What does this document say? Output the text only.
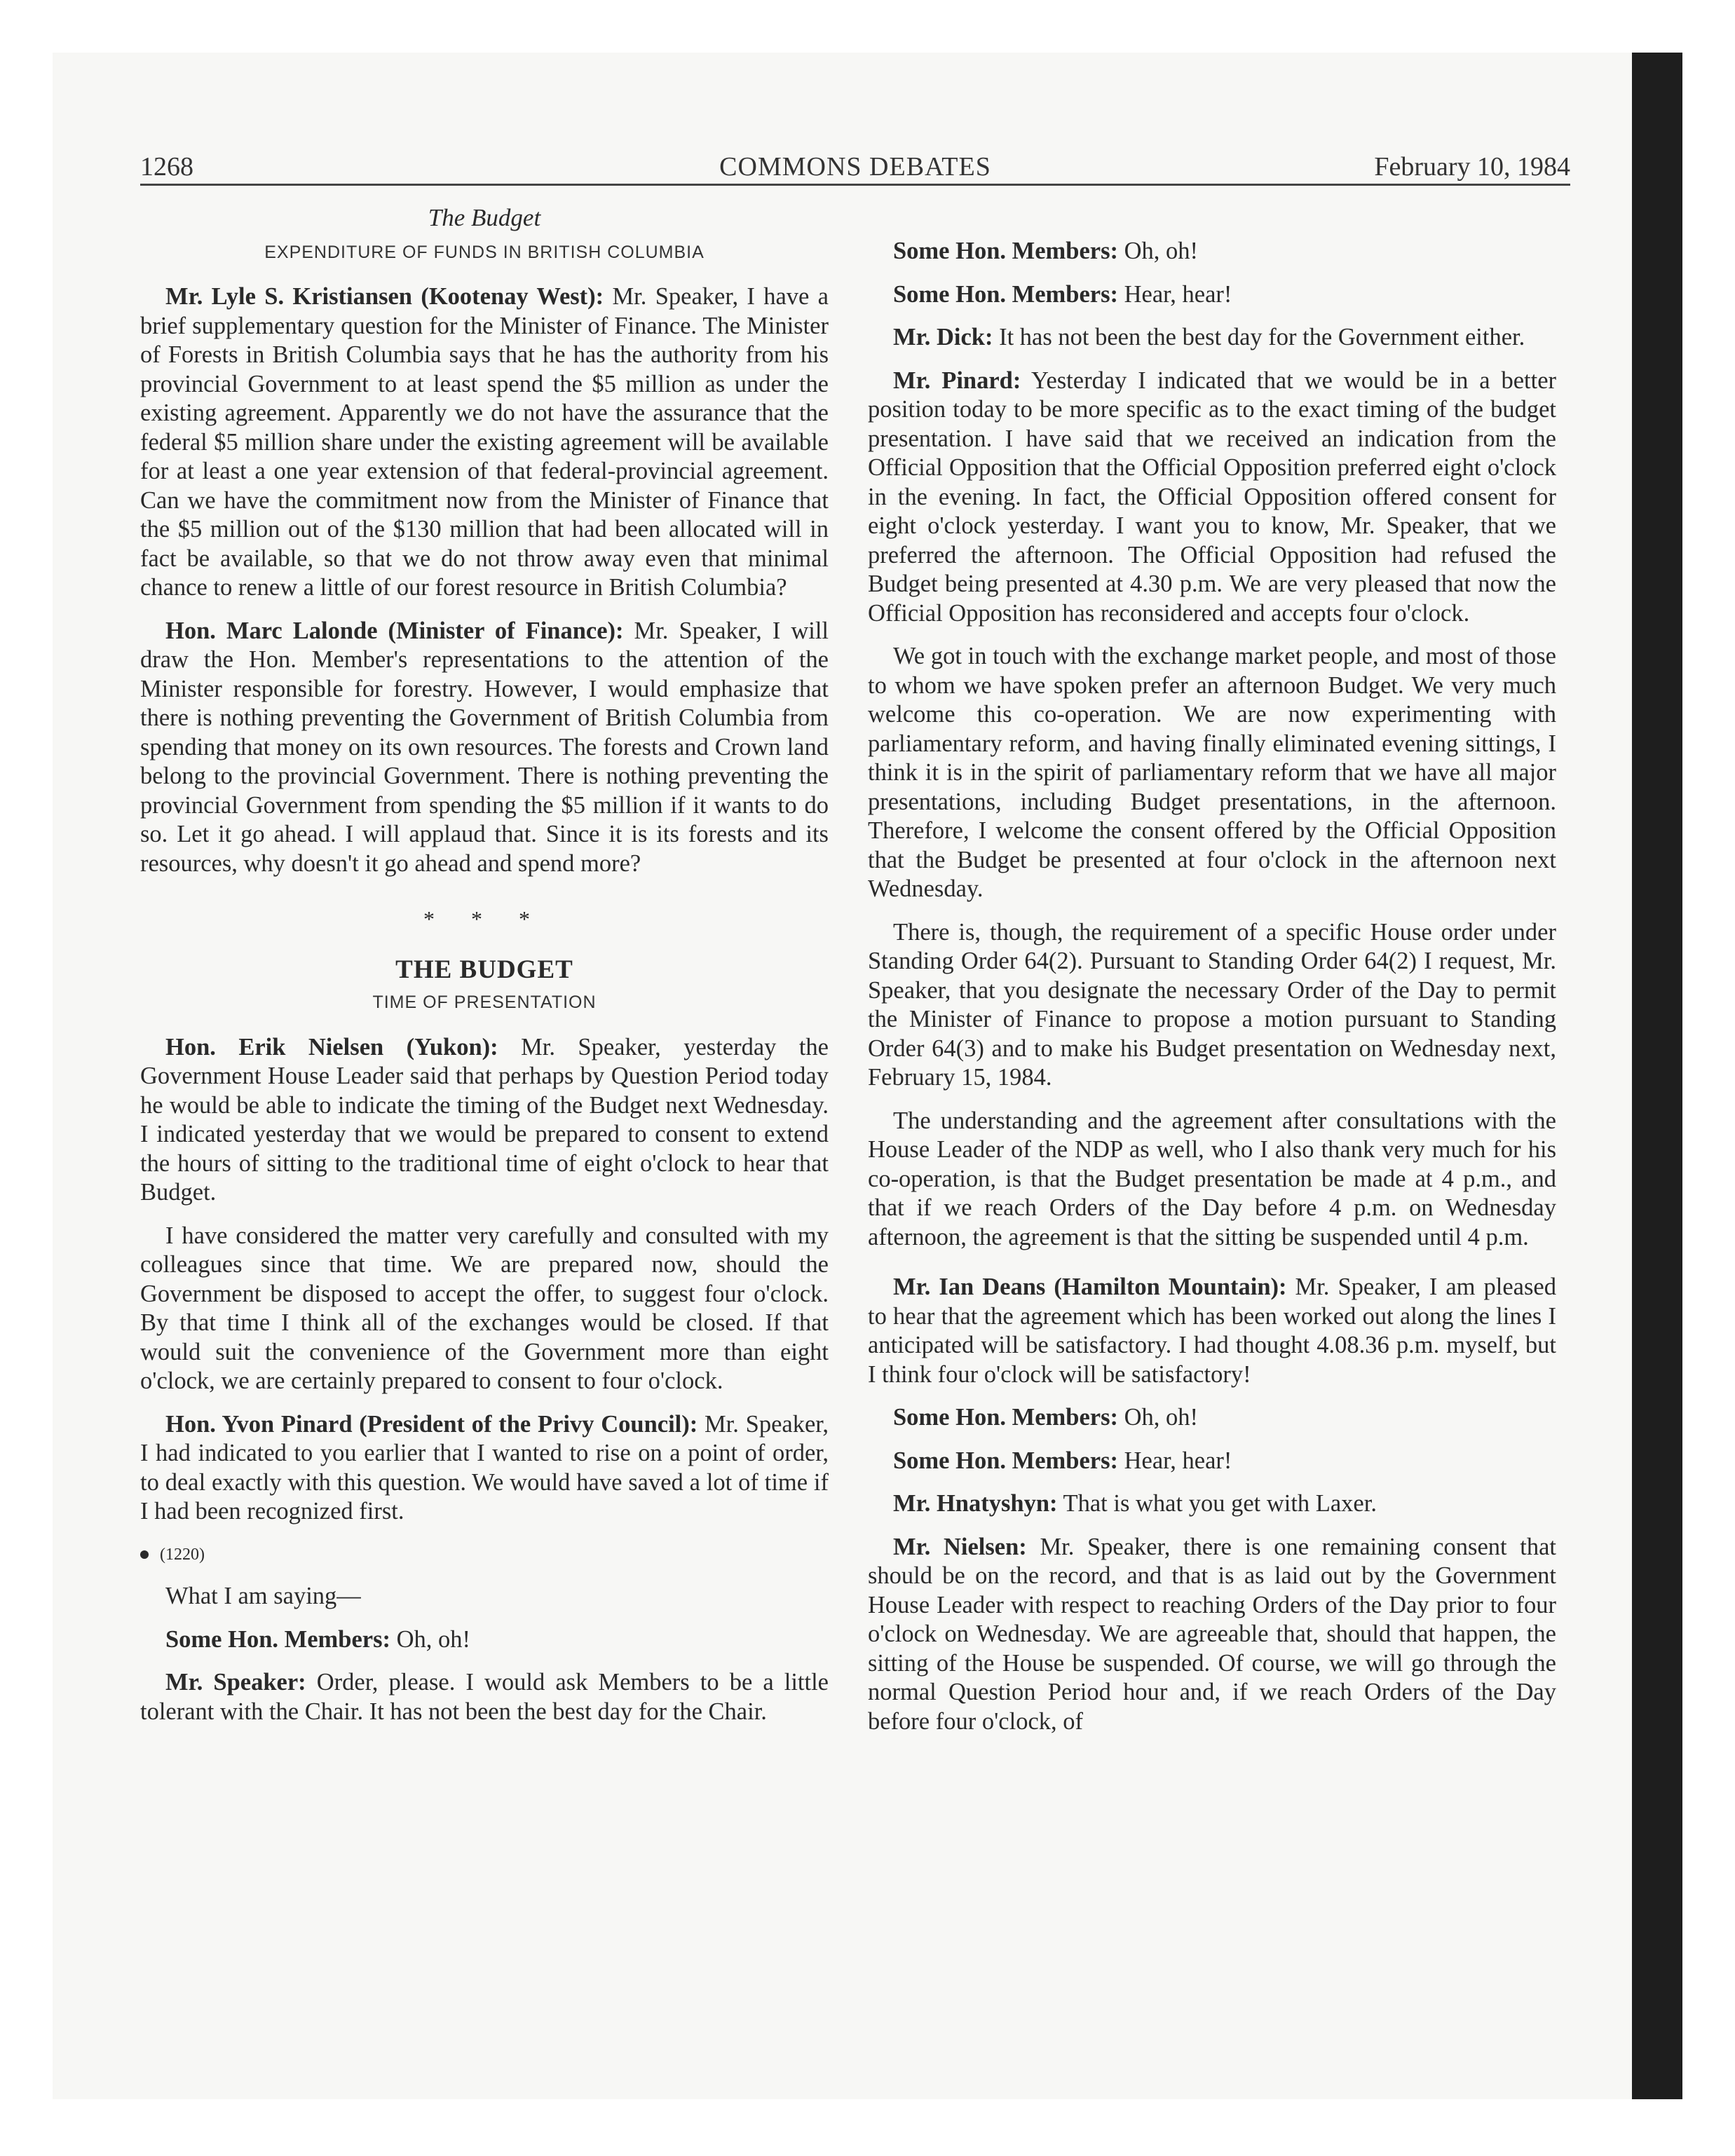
1268	COMMONS DEBATES	February 10, 1984
The Budget
EXPENDITURE OF FUNDS IN BRITISH COLUMBIA

Mr. Lyle S. Kristiansen (Kootenay West): Mr. Speaker, I have a brief supplementary question for the Minister of Finance. The Minister of Forests in British Columbia says that he has the authority from his provincial Government to at least spend the $5 million as under the existing agreement. Apparently we do not have the assurance that the federal $5 million share under the existing agreement will be available for at least a one year extension of that federal-provincial agreement. Can we have the commitment now from the Minister of Finance that the $5 million out of the $130 million that had been allocated will in fact be available, so that we do not throw away even that minimal chance to renew a little of our forest resource in British Columbia?

Hon. Marc Lalonde (Minister of Finance): Mr. Speaker, I will draw the Hon. Member's representations to the attention of the Minister responsible for forestry. However, I would emphasize that there is nothing preventing the Government of British Columbia from spending that money on its own resources. The forests and Crown land belong to the provincial Government. There is nothing preventing the provincial Government from spending the $5 million if it wants to do so. Let it go ahead. I will applaud that. Since it is its forests and its resources, why doesn't it go ahead and spend more?

* * *
THE BUDGET
TIME OF PRESENTATION

Hon. Erik Nielsen (Yukon): Mr. Speaker, yesterday the Government House Leader said that perhaps by Question Period today he would be able to indicate the timing of the Budget next Wednesday. I indicated yesterday that we would be prepared to consent to extend the hours of sitting to the traditional time of eight o'clock to hear that Budget.

I have considered the matter very carefully and consulted with my colleagues since that time. We are prepared now, should the Government be disposed to accept the offer, to suggest four o'clock. By that time I think all of the exchanges would be closed. If that would suit the convenience of the Government more than eight o'clock, we are certainly prepared to consent to four o'clock.

Hon. Yvon Pinard (President of the Privy Council): Mr. Speaker, I had indicated to you earlier that I wanted to rise on a point of order, to deal exactly with this question. We would have saved a lot of time if I had been recognized first.

(1220)

What I am saying—

Some Hon. Members: Oh, oh!

Mr. Speaker: Order, please. I would ask Members to be a little tolerant with the Chair. It has not been the best day for the Chair.

Some Hon. Members: Oh, oh!

Some Hon. Members: Hear, hear!

Mr. Dick: It has not been the best day for the Government either.

Mr. Pinard: Yesterday I indicated that we would be in a better position today to be more specific as to the exact timing of the budget presentation. I have said that we received an indication from the Official Opposition that the Official Opposition preferred eight o'clock in the evening. In fact, the Official Opposition offered consent for eight o'clock yesterday. I want you to know, Mr. Speaker, that we preferred the afternoon. The Official Opposition had refused the Budget being presented at 4.30 p.m. We are very pleased that now the Official Opposition has reconsidered and accepts four o'clock.

We got in touch with the exchange market people, and most of those to whom we have spoken prefer an afternoon Budget. We very much welcome this co-operation. We are now experimenting with parliamentary reform, and having finally eliminated evening sittings, I think it is in the spirit of parliamentary reform that we have all major presentations, including Budget presentations, in the afternoon. Therefore, I welcome the consent offered by the Official Opposition that the Budget be presented at four o'clock in the afternoon next Wednesday.

There is, though, the requirement of a specific House order under Standing Order 64(2). Pursuant to Standing Order 64(2) I request, Mr. Speaker, that you designate the necessary Order of the Day to permit the Minister of Finance to propose a motion pursuant to Standing Order 64(3) and to make his Budget presentation on Wednesday next, February 15, 1984.

The understanding and the agreement after consultations with the House Leader of the NDP as well, who I also thank very much for his co-operation, is that the Budget presentation be made at 4 p.m., and that if we reach Orders of the Day before 4 p.m. on Wednesday afternoon, the agreement is that the sitting be suspended until 4 p.m.

Mr. Ian Deans (Hamilton Mountain): Mr. Speaker, I am pleased to hear that the agreement which has been worked out along the lines I anticipated will be satisfactory. I had thought 4.08.36 p.m. myself, but I think four o'clock will be satisfactory!

Some Hon. Members: Oh, oh!

Some Hon. Members: Hear, hear!

Mr. Hnatyshyn: That is what you get with Laxer.

Mr. Nielsen: Mr. Speaker, there is one remaining consent that should be on the record, and that is as laid out by the Government House Leader with respect to reaching Orders of the Day prior to four o'clock on Wednesday. We are agreeable that, should that happen, the sitting of the House be suspended. Of course, we will go through the normal Question Period hour and, if we reach Orders of the Day before four o'clock, of
